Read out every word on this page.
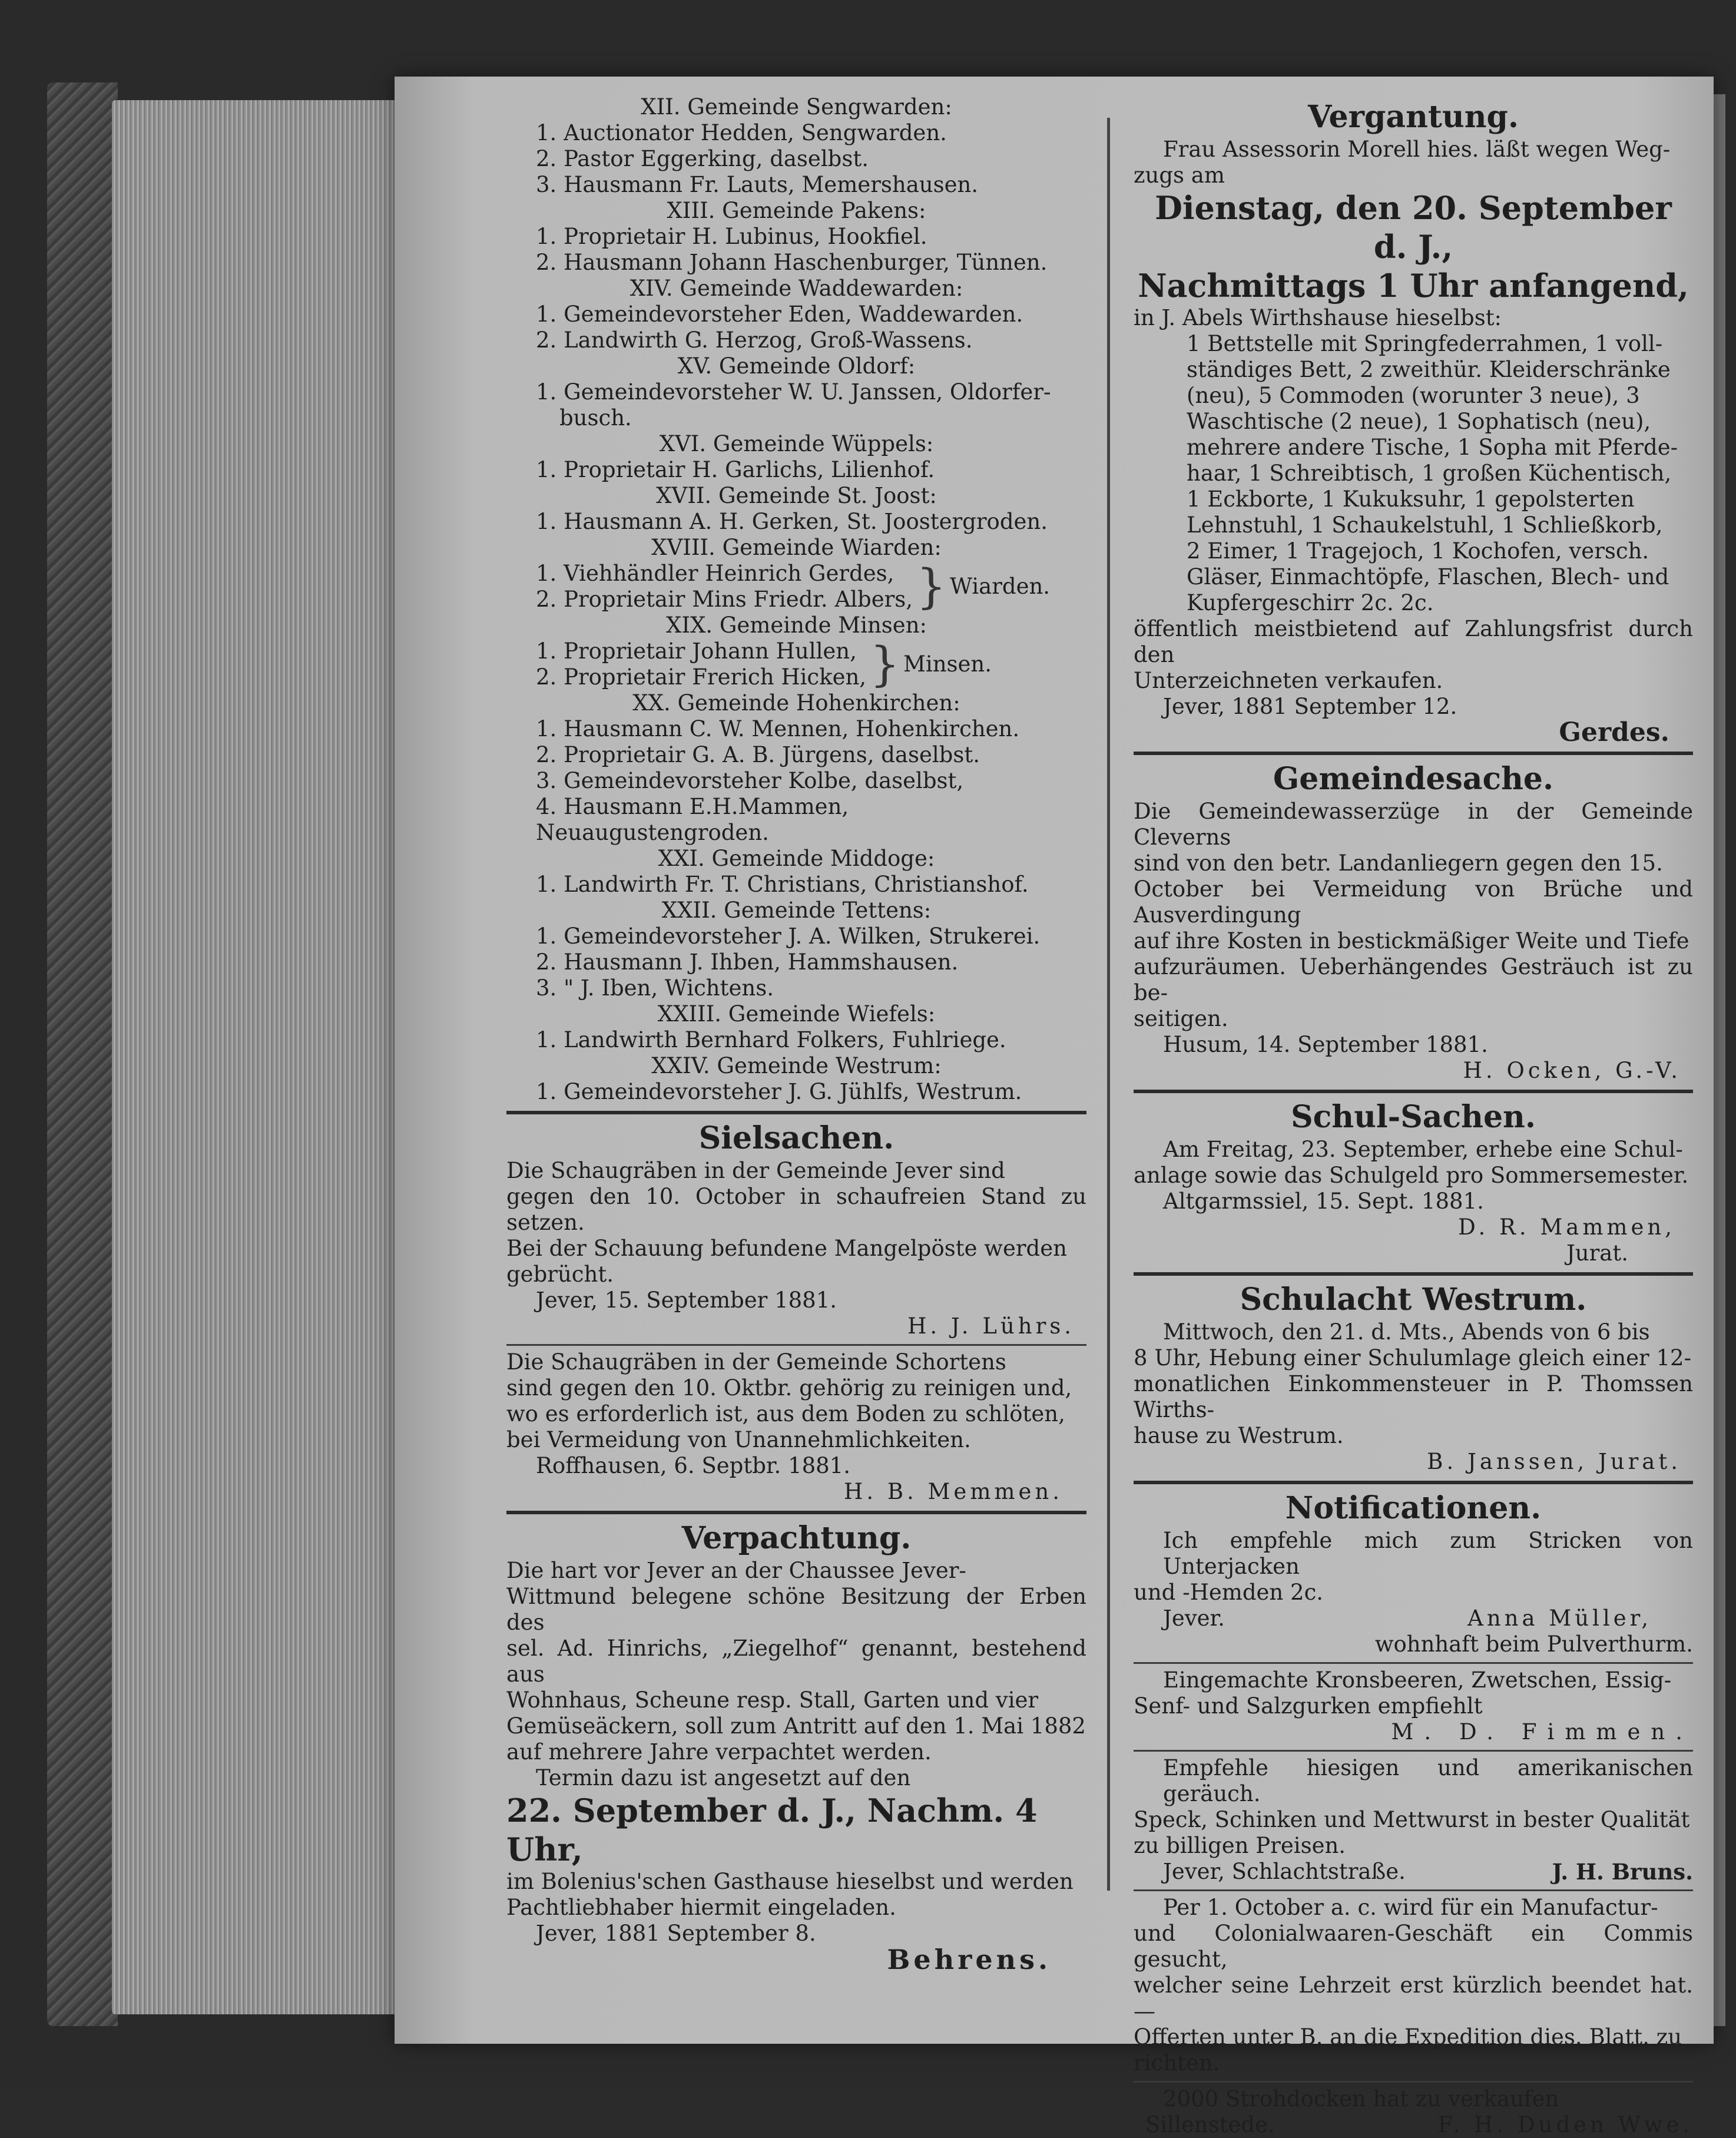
XII. Gemeinde Sengwarden:
1. Auctionator Hedden, Sengwarden.
2. Pastor Eggerking, daselbst.
3. Hausmann Fr. Lauts, Memershausen.
XIII. Gemeinde Pakens:
1. Proprietair H. Lubinus, Hookfiel.
2. Hausmann Johann Haschenburger, Tünnen.
XIV. Gemeinde Waddewarden:
1. Gemeindevorsteher Eden, Waddewarden.
2. Landwirth G. Herzog, Groß-Wassens.
XV. Gemeinde Oldorf:
1. Gemeindevorsteher W. U. Janssen, Oldorfer-
busch.
XVI. Gemeinde Wüppels:
1. Proprietair H. Garlichs, Lilienhof.
XVII. Gemeinde St. Joost:
1. Hausmann A. H. Gerken, St. Joostergroden.
XVIII. Gemeinde Wiarden:
1. Viehhändler Heinrich Gerdes,
2. Proprietair Mins Friedr. Albers, } Wiarden.
XIX. Gemeinde Minsen:
1. Proprietair Johann Hullen,
2. Proprietair Frerich Hicken, } Minsen.
XX. Gemeinde Hohenkirchen:
1. Hausmann C. W. Mennen, Hohenkirchen.
2. Proprietair G. A. B. Jürgens, daselbst.
3. Gemeindevorsteher Kolbe, daselbst,
4. Hausmann E.H.Mammen, Neuaugustengroden.
XXI. Gemeinde Middoge:
1. Landwirth Fr. T. Christians, Christianshof.
XXII. Gemeinde Tettens:
1. Gemeindevorsteher J. A. Wilken, Strukerei.
2. Hausmann J. Ihben, Hammshausen.
3. " J. Iben, Wichtens.
XXIII. Gemeinde Wiefels:
1. Landwirth Bernhard Folkers, Fuhlriege.
XXIV. Gemeinde Westrum:
1. Gemeindevorsteher J. G. Jühlfs, Westrum.
Sielsachen.
Die Schaugräben in der Gemeinde Jever sind
gegen den 10. October in schaufreien Stand zu setzen.
Bei der Schauung befundene Mangelpöste werden
gebrücht.
Jever, 15. September 1881.
H. J. Lührs.
Die Schaugräben in der Gemeinde Schortens
sind gegen den 10. Oktbr. gehörig zu reinigen und,
wo es erforderlich ist, aus dem Boden zu schlöten,
bei Vermeidung von Unannehmlichkeiten.
Roffhausen, 6. Septbr. 1881.
H. B. Memmen.
Verpachtung.
Die hart vor Jever an der Chaussee Jever-
Wittmund belegene schöne Besitzung der Erben des
sel. Ad. Hinrichs, „Ziegelhof“ genannt, bestehend aus
Wohnhaus, Scheune resp. Stall, Garten und vier
Gemüseäckern, soll zum Antritt auf den 1. Mai 1882
auf mehrere Jahre verpachtet werden.
Termin dazu ist angesetzt auf den
22. September d. J., Nachm. 4 Uhr,
im Bolenius'schen Gasthause hieselbst und werden
Pachtliebhaber hiermit eingeladen.
Jever, 1881 September 8.
Behrens.
Vergantung.
Frau Assessorin Morell hies. läßt wegen Weg-
zugs am
Dienstag, den 20. September d. J.,
Nachmittags 1 Uhr anfangend,
in J. Abels Wirthshause hieselbst:
1 Bettstelle mit Springfederrahmen, 1 voll-
ständiges Bett, 2 zweithür. Kleiderschränke
(neu), 5 Commoden (worunter 3 neue), 3
Waschtische (2 neue), 1 Sophatisch (neu),
mehrere andere Tische, 1 Sopha mit Pferde-
haar, 1 Schreibtisch, 1 großen Küchentisch,
1 Eckborte, 1 Kukuksuhr, 1 gepolsterten
Lehnstuhl, 1 Schaukelstuhl, 1 Schließkorb,
2 Eimer, 1 Tragejoch, 1 Kochofen, versch.
Gläser, Einmachtöpfe, Flaschen, Blech- und
Kupfergeschirr 2c. 2c.
öffentlich meistbietend auf Zahlungsfrist durch den
Unterzeichneten verkaufen.
Jever, 1881 September 12.
Gerdes.
Gemeindesache.
Die Gemeindewasserzüge in der Gemeinde Cleverns
sind von den betr. Landanliegern gegen den 15.
October bei Vermeidung von Brüche und Ausverdingung
auf ihre Kosten in bestickmäßiger Weite und Tiefe
aufzuräumen. Ueberhängendes Gesträuch ist zu be-
seitigen.
Husum, 14. September 1881.
H. Ocken, G.-V.
Schul-Sachen.
Am Freitag, 23. September, erhebe eine Schul-
anlage sowie das Schulgeld pro Sommersemester.
Altgarmssiel, 15. Sept. 1881.
D. R. Mammen,
Jurat.
Schulacht Westrum.
Mittwoch, den 21. d. Mts., Abends von 6 bis
8 Uhr, Hebung einer Schulumlage gleich einer 12-
monatlichen Einkommensteuer in P. Thomssen Wirths-
hause zu Westrum.
B. Janssen, Jurat.
Notificationen.
Ich empfehle mich zum Stricken von Unterjacken
und -Hemden 2c.
Jever.	Anna Müller,
wohnhaft beim Pulverthurm.
Eingemachte Kronsbeeren, Zwetschen, Essig-
Senf- und Salzgurken empfiehlt
M. D. Fimmen.
Empfehle hiesigen und amerikanischen geräuch.
Speck, Schinken und Mettwurst in bester Qualität
zu billigen Preisen.
Jever, Schlachtstraße.	J. H. Bruns.
Per 1. October a. c. wird für ein Manufactur-
und Colonialwaaren-Geschäft ein Commis gesucht,
welcher seine Lehrzeit erst kürzlich beendet hat. —
Offerten unter B. an die Expedition dies. Blatt. zu
richten.
2000 Strohdocken hat zu verkaufen
Sillenstede.	F. H. Duden Wwe.
